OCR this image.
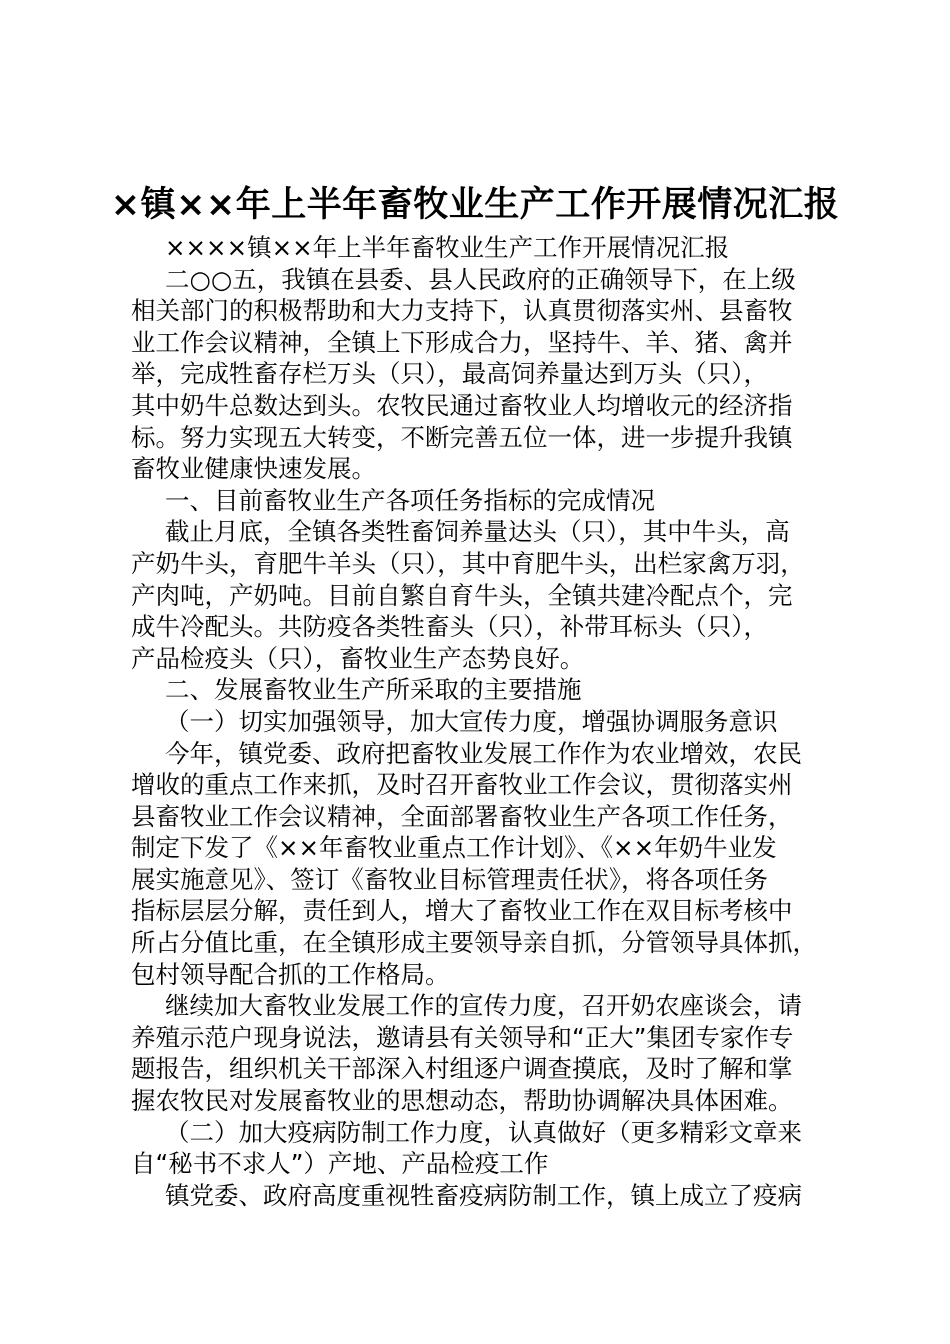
×镇××年上半年畜牧业生产工作开展情况汇报
××××镇××年上半年畜牧业生产工作开展情况汇报
二○○五，我镇在县委、县人民政府的正确领导下，在上级
相关部门的积极帮助和大力支持下，认真贯彻落实州、县畜牧
业工作会议精神，全镇上下形成合力，坚持牛、羊、猪、禽并
举，完成牲畜存栏万头（只），最高饲养量达到万头（只），
其中奶牛总数达到头。农牧民通过畜牧业人均增收元的经济指
标。努力实现五大转变，不断完善五位一体，进一步提升我镇
畜牧业健康快速发展。
一、目前畜牧业生产各项任务指标的完成情况
截止月底，全镇各类牲畜饲养量达头（只），其中牛头，高
产奶牛头，育肥牛羊头（只），其中育肥牛头，出栏家禽万羽，
产肉吨，产奶吨。目前自繁自育牛头，全镇共建冷配点个，完
成牛冷配头。共防疫各类牲畜头（只），补带耳标头（只），
产品检疫头（只），畜牧业生产态势良好。
二、发展畜牧业生产所采取的主要措施
（一）切实加强领导，加大宣传力度，增强协调服务意识
今年，镇党委、政府把畜牧业发展工作作为农业增效，农民
增收的重点工作来抓，及时召开畜牧业工作会议，贯彻落实州
县畜牧业工作会议精神，全面部署畜牧业生产各项工作任务，
制定下发了《××年畜牧业重点工作计划》、《××年奶牛业发
展实施意见》、签订《畜牧业目标管理责任状》，将各项任务
指标层层分解，责任到人，增大了畜牧业工作在双目标考核中
所占分值比重，在全镇形成主要领导亲自抓，分管领导具体抓，
包村领导配合抓的工作格局。
继续加大畜牧业发展工作的宣传力度，召开奶农座谈会，请
养殖示范户现身说法，邀请县有关领导和“正大”集团专家作专
题报告，组织机关干部深入村组逐户调查摸底，及时了解和掌
握农牧民对发展畜牧业的思想动态，帮助协调解决具体困难。
（二）加大疫病防制工作力度，认真做好（更多精彩文章来
自“秘书不求人”）产地、产品检疫工作
镇党委、政府高度重视牲畜疫病防制工作，镇上成立了疫病
